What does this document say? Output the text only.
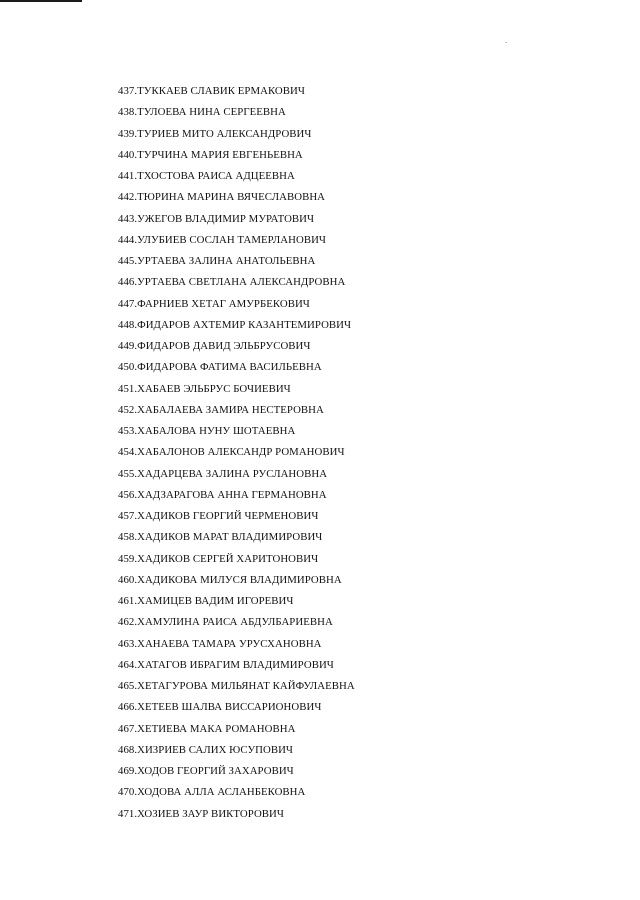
437.ТУККАЕВ СЛАВИК ЕРМАКОВИЧ
438.ТУЛОЕВА НИНА СЕРГЕЕВНА
439.ТУРИЕВ МИТО АЛЕКСАНДРОВИЧ
440.ТУРЧИНА МАРИЯ ЕВГЕНЬЕВНА
441.ТХОСТОВА РАИСА АДЦЕЕВНА
442.ТЮРИНА МАРИНА ВЯЧЕСЛАВОВНА
443.УЖЕГОВ ВЛАДИМИР МУРАТОВИЧ
444.УЛУБИЕВ СОСЛАН ТАМЕРЛАНОВИЧ
445.УРТАЕВА ЗАЛИНА АНАТОЛЬЕВНА
446.УРТАЕВА СВЕТЛАНА АЛЕКСАНДРОВНА
447.ФАРНИЕВ ХЕТАГ АМУРБЕКОВИЧ
448.ФИДАРОВ АХТЕМИР КАЗАНТЕМИРОВИЧ
449.ФИДАРОВ ДАВИД ЭЛЬБРУСОВИЧ
450.ФИДАРОВА ФАТИМА ВАСИЛЬЕВНА
451.ХАБАЕВ ЭЛЬБРУС БОЧИЕВИЧ
452.ХАБАЛАЕВА ЗАМИРА НЕСТЕРОВНА
453.ХАБАЛОВА НУНУ ШОТАЕВНА
454.ХАБАЛОНОВ АЛЕКСАНДР РОМАНОВИЧ
455.ХАДАРЦЕВА ЗАЛИНА РУСЛАНОВНА
456.ХАДЗАРАГОВА АННА ГЕРМАНОВНА
457.ХАДИКОВ ГЕОРГИЙ ЧЕРМЕНОВИЧ
458.ХАДИКОВ МАРАТ ВЛАДИМИРОВИЧ
459.ХАДИКОВ СЕРГЕЙ ХАРИТОНОВИЧ
460.ХАДИКОВА МИЛУСЯ ВЛАДИМИРОВНА
461.ХАМИЦЕВ ВАДИМ ИГОРЕВИЧ
462.ХАМУЛИНА РАИСА АБДУЛБАРИЕВНА
463.ХАНАЕВА ТАМАРА УРУСХАНОВНА
464.ХАТАГОВ ИБРАГИМ ВЛАДИМИРОВИЧ
465.ХЕТАГУРОВА МИЛЬЯНАТ КАЙФУЛАЕВНА
466.ХЕТЕЕВ ШАЛВА ВИССАРИОНОВИЧ
467.ХЕТИЕВА МАКА РОМАНОВНА
468.ХИЗРИЕВ САЛИХ ЮСУПОВИЧ
469.ХОДОВ ГЕОРГИЙ ЗАХАРОВИЧ
470.ХОДОВА АЛЛА АСЛАНБЕКОВНА
471.ХОЗИЕВ ЗАУР ВИКТОРОВИЧ
